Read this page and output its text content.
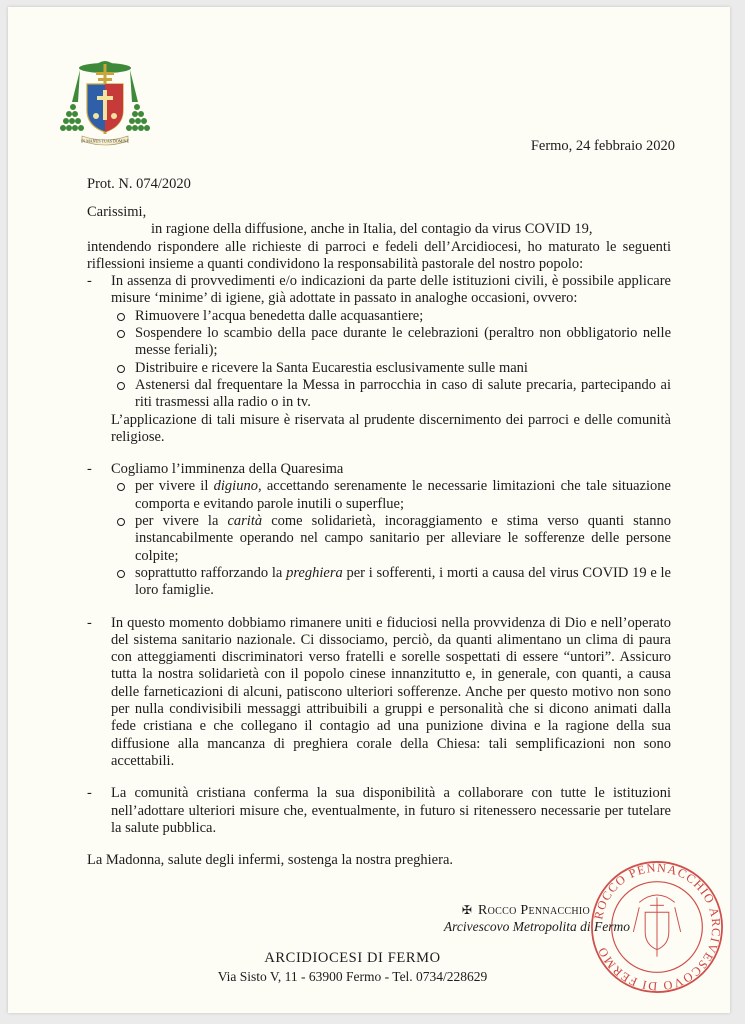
IN MANUS TUAS DOMINE	Fermo, 24 febbraio 2020
Prot. N. 074/2020

Carissimi,

in ragione della diffusione, anche in Italia, del contagio da virus COVID 19,
intendendo rispondere alle richieste di parroci e fedeli dell’Arcidiocesi, ho maturato le seguenti riflessioni insieme a quanti condividono la responsabilità pastorale del nostro popolo:

- In assenza di provvedimenti e/o indicazioni da parte delle istituzioni civili, è possibile applicare misure ‘minime’ di igiene, già adottate in passato in analoghe occasioni, ovvero:

Rimuovere l’acqua benedetta dalle acquasantiere;
Sospendere lo scambio della pace durante le celebrazioni (peraltro non obbligatorio nelle messe feriali);
Distribuire e ricevere la Santa Eucarestia esclusivamente sulle mani
Astenersi dal frequentare la Messa in parrocchia in caso di salute precaria, partecipando ai riti trasmessi alla radio o in tv.

L’applicazione di tali misure è riservata al prudente discernimento dei parroci e delle comunità religiose.

- Cogliamo l’imminenza della Quaresima

per vivere il digiuno, accettando serenamente le necessarie limitazioni che tale situazione comporta e evitando parole inutili o superflue;
per vivere la carità come solidarietà, incoraggiamento e stima verso quanti stanno instancabilmente operando nel campo sanitario per alleviare le sofferenze delle persone colpite;
soprattutto rafforzando la preghiera per i sofferenti, i morti a causa del virus COVID 19 e le loro famiglie.
- In questo momento dobbiamo rimanere uniti e fiduciosi nella provvidenza di Dio e nell’operato del sistema sanitario nazionale. Ci dissociamo, perciò, da quanti alimentano un clima di paura con atteggiamenti discriminatori verso fratelli e sorelle sospettati di essere “untori”. Assicuro tutta la nostra solidarietà con il popolo cinese innanzitutto e, in generale, con quanti, a causa delle farneticazioni di alcuni, patiscono ulteriori sofferenze. Anche per questo motivo non sono per nulla condivisibili messaggi attribuibili a gruppi e personalità che si dicono animati dalla fede cristiana e che collegano il contagio ad una punizione divina e la ragione della sua diffusione alla mancanza di preghiera corale della Chiesa: tali semplificazioni non sono accettabili.

- La comunità cristiana conferma la sua disponibilità a collaborare con tutte le istituzioni nell’adottare ulteriori misure che, eventualmente, in futuro si ritenessero necessarie per tutelare la salute pubblica.

La Madonna, salute degli infermi, sostenga la nostra preghiera.

ROCCO PENNACCHIO ARCIVESCOVO DI FERMO
✠ Rocco Pennacchio
Arcivescovo Metropolita di Fermo
ARCIDIOCESI DI FERMO
Via Sisto V, 11 - 63900 Fermo - Tel. 0734/228629
